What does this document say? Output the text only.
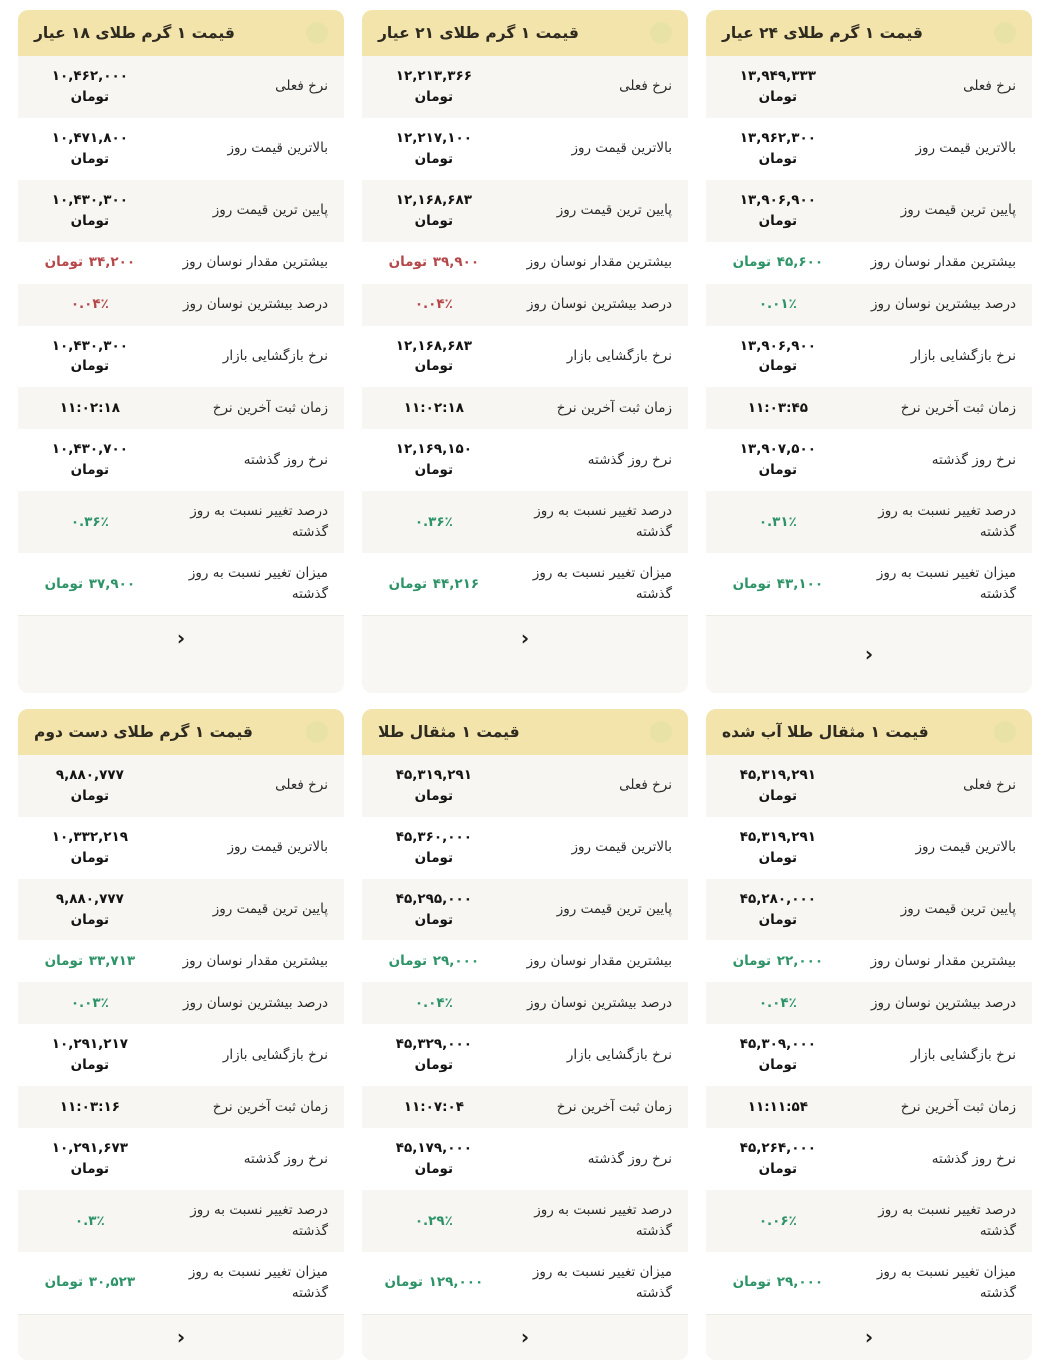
قیمت ۱ گرم طلای ۲۴ عیار
نرخ فعلی
۱۳,۹۴۹,۳۳۳ تومان
بالاترین قیمت روز
۱۳,۹۶۲,۳۰۰ تومان
پایین ترین قیمت روز
۱۳,۹۰۶,۹۰۰ تومان
بیشترین مقدار نوسان روز
۴۵,۶۰۰ تومان
درصد بیشترین نوسان روز
۰.۰۱٪
نرخ بازگشایی بازار
۱۳,۹۰۶,۹۰۰ تومان
زمان ثبت آخرین نرخ
۱۱:۰۳:۴۵
نرخ روز گذشته
۱۳,۹۰۷,۵۰۰ تومان
درصد تغییر نسبت به روز گذشته
۰.۳۱٪
میزان تغییر نسبت به روز گذشته
۴۳,۱۰۰ تومان
‹
قیمت ۱ گرم طلای ۲۱ عیار
نرخ فعلی
۱۲,۲۱۳,۳۶۶ تومان
بالاترین قیمت روز
۱۲,۲۱۷,۱۰۰ تومان
پایین ترین قیمت روز
۱۲,۱۶۸,۶۸۳ تومان
بیشترین مقدار نوسان روز
۳۹,۹۰۰ تومان
درصد بیشترین نوسان روز
۰.۰۴٪
نرخ بازگشایی بازار
۱۲,۱۶۸,۶۸۳ تومان
زمان ثبت آخرین نرخ
۱۱:۰۲:۱۸
نرخ روز گذشته
۱۲,۱۶۹,۱۵۰ تومان
درصد تغییر نسبت به روز گذشته
۰.۳۶٪
میزان تغییر نسبت به روز گذشته
۴۴,۲۱۶ تومان
‹
قیمت ۱ گرم طلای ۱۸ عیار
نرخ فعلی
۱۰,۴۶۲,۰۰۰ تومان
بالاترین قیمت روز
۱۰,۴۷۱,۸۰۰ تومان
پایین ترین قیمت روز
۱۰,۴۳۰,۳۰۰ تومان
بیشترین مقدار نوسان روز
۳۴,۲۰۰ تومان
درصد بیشترین نوسان روز
۰.۰۴٪
نرخ بازگشایی بازار
۱۰,۴۳۰,۳۰۰ تومان
زمان ثبت آخرین نرخ
۱۱:۰۲:۱۸
نرخ روز گذشته
۱۰,۴۳۰,۷۰۰ تومان
درصد تغییر نسبت به روز گذشته
۰.۳۶٪
میزان تغییر نسبت به روز گذشته
۳۷,۹۰۰ تومان
‹
قیمت ۱ مثقال طلا آب شده
نرخ فعلی
۴۵,۳۱۹,۲۹۱ تومان
بالاترین قیمت روز
۴۵,۳۱۹,۲۹۱ تومان
پایین ترین قیمت روز
۴۵,۲۸۰,۰۰۰ تومان
بیشترین مقدار نوسان روز
۲۲,۰۰۰ تومان
درصد بیشترین نوسان روز
۰.۰۴٪
نرخ بازگشایی بازار
۴۵,۳۰۹,۰۰۰ تومان
زمان ثبت آخرین نرخ
۱۱:۱۱:۵۴
نرخ روز گذشته
۴۵,۲۶۴,۰۰۰ تومان
درصد تغییر نسبت به روز گذشته
۰.۰۶٪
میزان تغییر نسبت به روز گذشته
۲۹,۰۰۰ تومان
‹
قیمت ۱ مثقال طلا
نرخ فعلی
۴۵,۳۱۹,۲۹۱ تومان
بالاترین قیمت روز
۴۵,۳۶۰,۰۰۰ تومان
پایین ترین قیمت روز
۴۵,۲۹۵,۰۰۰ تومان
بیشترین مقدار نوسان روز
۲۹,۰۰۰ تومان
درصد بیشترین نوسان روز
۰.۰۴٪
نرخ بازگشایی بازار
۴۵,۳۲۹,۰۰۰ تومان
زمان ثبت آخرین نرخ
۱۱:۰۷:۰۴
نرخ روز گذشته
۴۵,۱۷۹,۰۰۰ تومان
درصد تغییر نسبت به روز گذشته
۰.۲۹٪
میزان تغییر نسبت به روز گذشته
۱۲۹,۰۰۰ تومان
‹
قیمت ۱ گرم طلای دست دوم
نرخ فعلی
۹,۸۸۰,۷۷۷ تومان
بالاترین قیمت روز
۱۰,۳۳۲,۲۱۹ تومان
پایین ترین قیمت روز
۹,۸۸۰,۷۷۷ تومان
بیشترین مقدار نوسان روز
۳۳,۷۱۳ تومان
درصد بیشترین نوسان روز
۰.۰۳٪
نرخ بازگشایی بازار
۱۰,۲۹۱,۲۱۷ تومان
زمان ثبت آخرین نرخ
۱۱:۰۳:۱۶
نرخ روز گذشته
۱۰,۲۹۱,۶۷۳ تومان
درصد تغییر نسبت به روز گذشته
۰.۳٪
میزان تغییر نسبت به روز گذشته
۳۰,۵۲۳ تومان
‹
